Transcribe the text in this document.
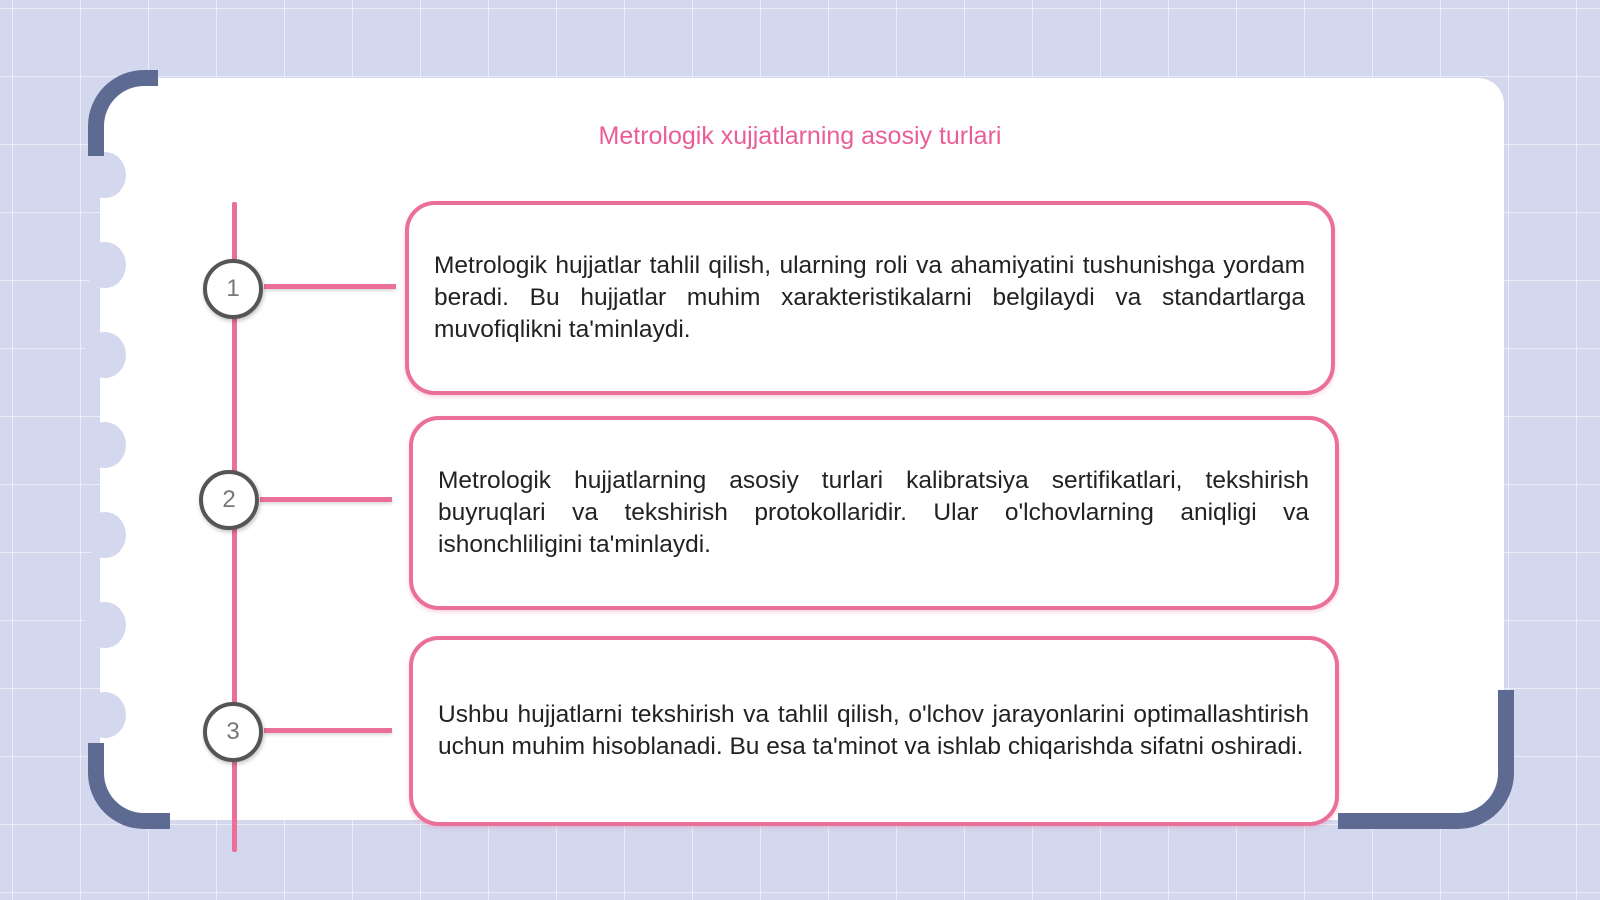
Metrologik xujjatlarning asosiy turlari
1
2
3

Metrologik hujjatlar tahlil qilish, ularning roli va ahamiyatini tushunishga yordam beradi. Bu hujjatlar muhim xarakteristikalarni belgilaydi va standartlarga muvofiqlikni ta'minlaydi.

Metrologik hujjatlarning asosiy turlari kalibratsiya sertifikatlari, tekshirish buyruqlari va tekshirish protokollaridir. Ular o'lchovlarning aniqligi va ishonchliligini ta'minlaydi.

Ushbu hujjatlarni tekshirish va tahlil qilish, o'lchov jarayonlarini optimallashtirish uchun muhim hisoblanadi. Bu esa ta'minot va ishlab chiqarishda sifatni oshiradi.
